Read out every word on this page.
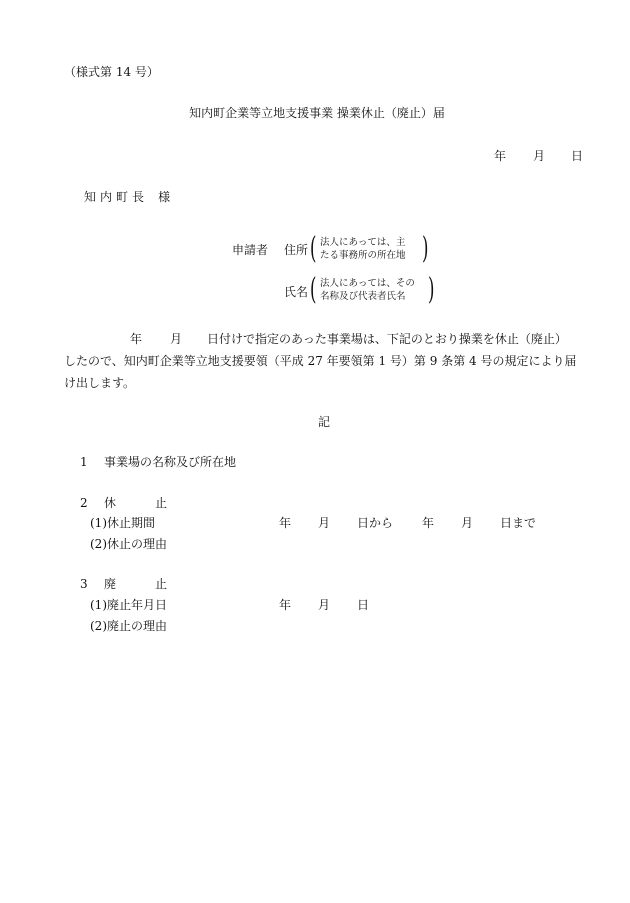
（様式第 14 号）
知内町企業等立地支援事業 操業休止（廃止）届
年 月 日
知 内 町 長 様
申請者 住所 ( 法人にあっては、主
たる事務所の所在地 )
氏名 ( 法人にあっては、その
名称及び代表者氏名 )
年 月 日付けで指定のあった事業場は、下記のとおり操業を休止（廃止）
したので、知内町企業等立地支援要領（平成 27 年要領第 1 号）第 9 条第 4 号の規定により届
け出します。
記
1 事業場の名称及び所在地
2 休	止
(1)休止期間	年 月 日から 年 月 日まで
(2)休止の理由
3 廃	止
(1)廃止年月日	年 月 日
(2)廃止の理由
